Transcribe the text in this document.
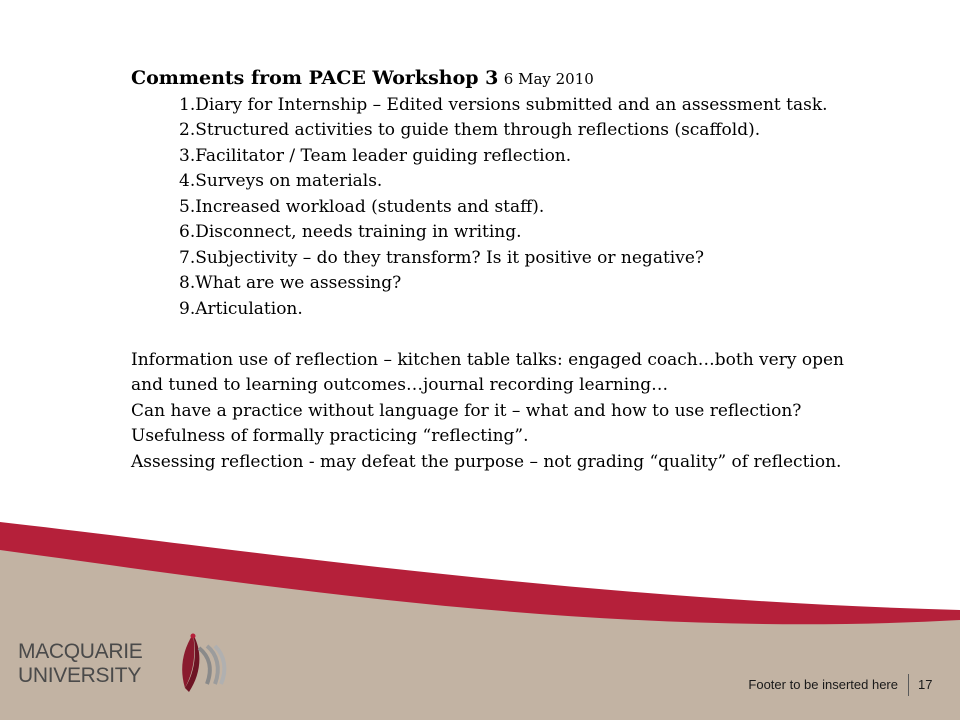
Comments from PACE Workshop 3 6 May 2010

1.Diary for Internship – Edited versions submitted and an assessment task.
2.Structured activities to guide them through reflections (scaffold).
3.Facilitator / Team leader guiding reflection.
4.Surveys on materials.
5.Increased workload (students and staff).
6.Disconnect, needs training in writing.
7.Subjectivity – do they transform? Is it positive or negative?
8.What are we assessing?
9.Articulation.

Information use of reflection – kitchen table talks: engaged coach…both very open and tuned to learning outcomes…journal recording learning…

Can have a practice without language for it – what and how to use reflection? Usefulness of formally practicing “reflecting”.

Assessing reflection - may defeat the purpose – not grading “quality” of reflection.

MACQUARIE
UNIVERSITY	Footer to be inserted here 17
